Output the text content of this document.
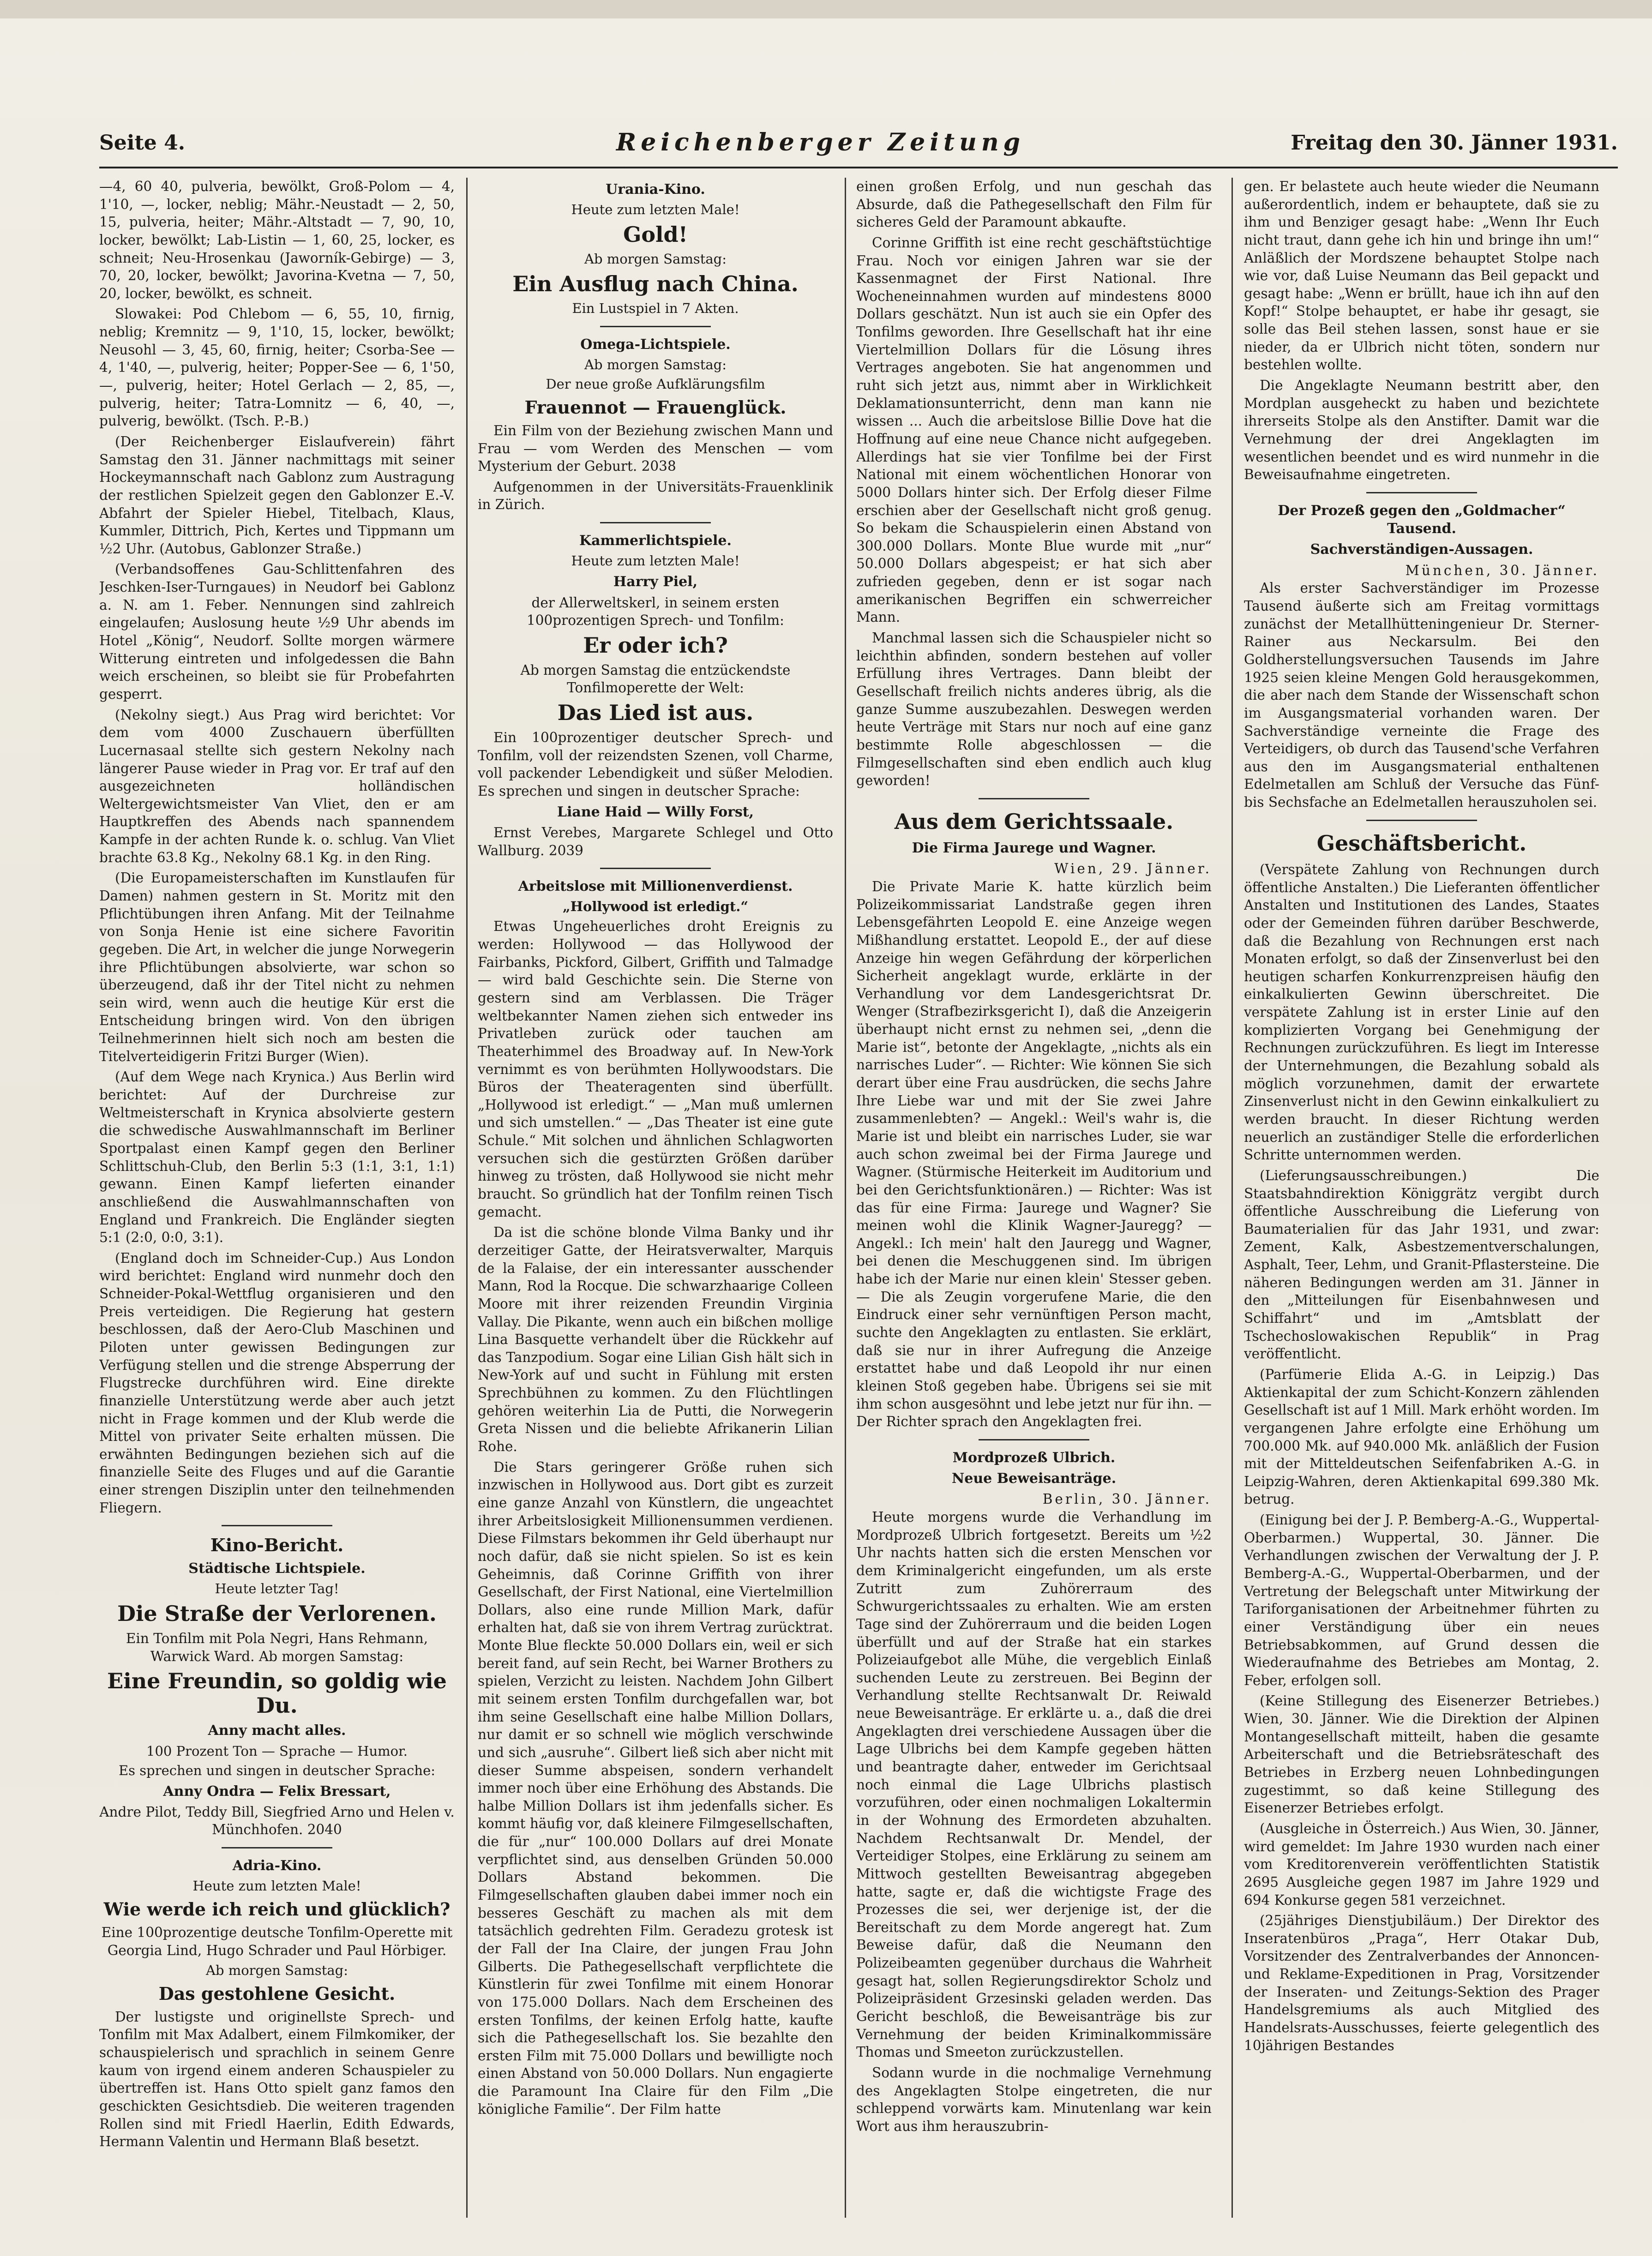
Seite 4.	Reichenberger Zeitung	Freitag den 30. Jänner 1931.

—4, 60 40, pulveria, bewölkt, Groß-Polom — 4, 1'10, —, locker, neblig; Mähr.-Neustadt — 2, 50, 15, pulveria, heiter; Mähr.-Altstadt — 7, 90, 10, locker, bewölkt; Lab-Listin — 1, 60, 25, locker, es schneit; Neu-Hrosenkau (Jaworník-Gebirge) — 3, 70, 20, locker, bewölkt; Javorina-Kvetna — 7, 50, 20, locker, bewölkt, es schneit.

Slowakei: Pod Chlebom — 6, 55, 10, firnig, neblig; Kremnitz — 9, 1'10, 15, locker, bewölkt; Neusohl — 3, 45, 60, firnig, heiter; Csorba-See — 4, 1'40, —, pulverig, heiter; Popper-See — 6, 1'50, —, pulverig, heiter; Hotel Gerlach — 2, 85, —, pulverig, heiter; Tatra-Lomnitz — 6, 40, —, pulverig, bewölkt. (Tsch. P.-B.)

(Der Reichenberger Eislaufverein) fährt Samstag den 31. Jänner nachmittags mit seiner Hockeymannschaft nach Gablonz zum Austragung der restlichen Spielzeit gegen den Gablonzer E.-V. Abfahrt der Spieler Hiebel, Titelbach, Klaus, Kummler, Dittrich, Pich, Kertes und Tippmann um ½2 Uhr. (Autobus, Gablonzer Straße.)

(Verbandsoffenes Gau-Schlittenfahren des Jeschken-Iser-Turngaues) in Neudorf bei Gablonz a. N. am 1. Feber. Nennungen sind zahlreich eingelaufen; Auslosung heute ½9 Uhr abends im Hotel „König“, Neudorf. Sollte morgen wärmere Witterung eintreten und infolgedessen die Bahn weich erscheinen, so bleibt sie für Probefahrten gesperrt.

(Nekolny siegt.) Aus Prag wird berichtet: Vor dem vom 4000 Zuschauern überfüllten Lucernasaal stellte sich gestern Nekolny nach längerer Pause wieder in Prag vor. Er traf auf den ausgezeichneten holländischen Weltergewichtsmeister Van Vliet, den er am Hauptkreffen des Abends nach spannendem Kampfe in der achten Runde k. o. schlug. Van Vliet brachte 63.8 Kg., Nekolny 68.1 Kg. in den Ring.

(Die Europameisterschaften im Kunstlaufen für Damen) nahmen gestern in St. Moritz mit den Pflichtübungen ihren Anfang. Mit der Teilnahme von Sonja Henie ist eine sichere Favoritin gegeben. Die Art, in welcher die junge Norwegerin ihre Pflichtübungen absolvierte, war schon so überzeugend, daß ihr der Titel nicht zu nehmen sein wird, wenn auch die heutige Kür erst die Entscheidung bringen wird. Von den übrigen Teilnehmerinnen hielt sich noch am besten die Titelverteidigerin Fritzi Burger (Wien).

(Auf dem Wege nach Krynica.) Aus Berlin wird berichtet: Auf der Durchreise zur Weltmeisterschaft in Krynica absolvierte gestern die schwedische Auswahlmannschaft im Berliner Sportpalast einen Kampf gegen den Berliner Schlittschuh-Club, den Berlin 5:3 (1:1, 3:1, 1:1) gewann. Einen Kampf lieferten einander anschließend die Auswahlmannschaften von England und Frankreich. Die Engländer siegten 5:1 (2:0, 0:0, 3:1).

(England doch im Schneider-Cup.) Aus London wird berichtet: England wird nunmehr doch den Schneider-Pokal-Wettflug organisieren und den Preis verteidigen. Die Regierung hat gestern beschlossen, daß der Aero-Club Maschinen und Piloten unter gewissen Bedingungen zur Verfügung stellen und die strenge Absperrung der Flugstrecke durchführen wird. Eine direkte finanzielle Unterstützung werde aber auch jetzt nicht in Frage kommen und der Klub werde die Mittel von privater Seite erhalten müssen. Die erwähnten Bedingungen beziehen sich auf die finanzielle Seite des Fluges und auf die Garantie einer strengen Disziplin unter den teilnehmenden Fliegern.

Kino-Bericht.
Städtische Lichtspiele.
Heute letzter Tag!
Die Straße der Verlorenen.

Ein Tonfilm mit Pola Negri, Hans Rehmann, Warwick Ward. Ab morgen Samstag:

Eine Freundin, so goldig wie Du.
Anny macht alles.
100 Prozent Ton — Sprache — Humor.
Es sprechen und singen in deutscher Sprache:
Anny Ondra — Felix Bressart,

Andre Pilot, Teddy Bill, Siegfried Arno und Helen v. Münchhofen. 2040

Adria-Kino.
Heute zum letzten Male!
Wie werde ich reich und glücklich?

Eine 100prozentige deutsche Tonfilm-Operette mit Georgia Lind, Hugo Schrader und Paul Hörbiger.

Ab morgen Samstag:
Das gestohlene Gesicht.

Der lustigste und originellste Sprech- und Tonfilm mit Max Adalbert, einem Filmkomiker, der schauspielerisch und sprachlich in seinem Genre kaum von irgend einem anderen Schauspieler zu übertreffen ist. Hans Otto spielt ganz famos den geschickten Gesichtsdieb. Die weiteren tragenden Rollen sind mit Friedl Haerlin, Edith Edwards, Hermann Valentin und Hermann Blaß besetzt.

Urania-Kino.
Heute zum letzten Male!
Gold!
Ab morgen Samstag:
Ein Ausflug nach China.
Ein Lustspiel in 7 Akten.
Omega-Lichtspiele.
Ab morgen Samstag:
Der neue große Aufklärungsfilm
Frauennot — Frauenglück.

Ein Film von der Beziehung zwischen Mann und Frau — vom Werden des Menschen — vom Mysterium der Geburt. 2038

Aufgenommen in der Universitäts-Frauenklinik in Zürich.

Kammerlichtspiele.
Heute zum letzten Male!
Harry Piel,

der Allerweltskerl, in seinem ersten 100prozentigen Sprech- und Tonfilm:

Er oder ich?

Ab morgen Samstag die entzückendste Tonfilmoperette der Welt:

Das Lied ist aus.

Ein 100prozentiger deutscher Sprech- und Tonfilm, voll der reizendsten Szenen, voll Charme, voll packender Lebendigkeit und süßer Melodien. Es sprechen und singen in deutscher Sprache:

Liane Haid — Willy Forst,

Ernst Verebes, Margarete Schlegel und Otto Wallburg. 2039

Arbeitslose mit Millionenverdienst.
„Hollywood ist erledigt.“

Etwas Ungeheuerliches droht Ereignis zu werden: Hollywood — das Hollywood der Fairbanks, Pickford, Gilbert, Griffith und Talmadge — wird bald Geschichte sein. Die Sterne von gestern sind am Verblassen. Die Träger weltbekannter Namen ziehen sich entweder ins Privatleben zurück oder tauchen am Theaterhimmel des Broadway auf. In New-York vernimmt es von berühmten Hollywoodstars. Die Büros der Theateragenten sind überfüllt. „Hollywood ist erledigt.“ — „Man muß umlernen und sich umstellen.“ — „Das Theater ist eine gute Schule.“ Mit solchen und ähnlichen Schlagworten versuchen sich die gestürzten Größen darüber hinweg zu trösten, daß Hollywood sie nicht mehr braucht. So gründlich hat der Tonfilm reinen Tisch gemacht.

Da ist die schöne blonde Vilma Banky und ihr derzeitiger Gatte, der Heiratsverwalter, Marquis de la Falaise, der ein interessanter ausschender Mann, Rod la Rocque. Die schwarzhaarige Colleen Moore mit ihrer reizenden Freundin Virginia Vallay. Die Pikante, wenn auch ein bißchen mollige Lina Basquette verhandelt über die Rückkehr auf das Tanzpodium. Sogar eine Lilian Gish hält sich in New-York auf und sucht in Fühlung mit ersten Sprechbühnen zu kommen. Zu den Flüchtlingen gehören weiterhin Lia de Putti, die Norwegerin Greta Nissen und die beliebte Afrikanerin Lilian Rohe.

Die Stars geringerer Größe ruhen sich inzwischen in Hollywood aus. Dort gibt es zurzeit eine ganze Anzahl von Künstlern, die ungeachtet ihrer Arbeitslosigkeit Millionensummen verdienen. Diese Filmstars bekommen ihr Geld überhaupt nur noch dafür, daß sie nicht spielen. So ist es kein Geheimnis, daß Corinne Griffith von ihrer Gesellschaft, der First National, eine Viertelmillion Dollars, also eine runde Million Mark, dafür erhalten hat, daß sie von ihrem Vertrag zurücktrat. Monte Blue fleckte 50.000 Dollars ein, weil er sich bereit fand, auf sein Recht, bei Warner Brothers zu spielen, Verzicht zu leisten. Nachdem John Gilbert mit seinem ersten Tonfilm durchgefallen war, bot ihm seine Gesellschaft eine halbe Million Dollars, nur damit er so schnell wie möglich verschwinde und sich „ausruhe“. Gilbert ließ sich aber nicht mit dieser Summe abspeisen, sondern verhandelt immer noch über eine Erhöhung des Abstands. Die halbe Million Dollars ist ihm jedenfalls sicher. Es kommt häufig vor, daß kleinere Filmgesellschaften, die für „nur“ 100.000 Dollars auf drei Monate verpflichtet sind, aus denselben Gründen 50.000 Dollars Abstand bekommen. Die Filmgesellschaften glauben dabei immer noch ein besseres Geschäft zu machen als mit dem tatsächlich gedrehten Film. Geradezu grotesk ist der Fall der Ina Claire, der jungen Frau John Gilberts. Die Pathegesellschaft verpflichtete die Künstlerin für zwei Tonfilme mit einem Honorar von 175.000 Dollars. Nach dem Erscheinen des ersten Tonfilms, der keinen Erfolg hatte, kaufte sich die Pathegesellschaft los. Sie bezahlte den ersten Film mit 75.000 Dollars und bewilligte noch einen Abstand von 50.000 Dollars. Nun engagierte die Paramount Ina Claire für den Film „Die königliche Familie“. Der Film hatte

einen großen Erfolg, und nun geschah das Absurde, daß die Pathegesellschaft den Film für sicheres Geld der Paramount abkaufte.

Corinne Griffith ist eine recht geschäftstüchtige Frau. Noch vor einigen Jahren war sie der Kassenmagnet der First National. Ihre Wocheneinnahmen wurden auf mindestens 8000 Dollars geschätzt. Nun ist auch sie ein Opfer des Tonfilms geworden. Ihre Gesellschaft hat ihr eine Viertelmillion Dollars für die Lösung ihres Vertrages angeboten. Sie hat angenommen und ruht sich jetzt aus, nimmt aber in Wirklichkeit Deklamationsunterricht, denn man kann nie wissen ... Auch die arbeitslose Billie Dove hat die Hoffnung auf eine neue Chance nicht aufgegeben. Allerdings hat sie vier Tonfilme bei der First National mit einem wöchentlichen Honorar von 5000 Dollars hinter sich. Der Erfolg dieser Filme erschien aber der Gesellschaft nicht groß genug. So bekam die Schauspielerin einen Abstand von 300.000 Dollars. Monte Blue wurde mit „nur“ 50.000 Dollars abgespeist; er hat sich aber zufrieden gegeben, denn er ist sogar nach amerikanischen Begriffen ein schwerreicher Mann.

Manchmal lassen sich die Schauspieler nicht so leichthin abfinden, sondern bestehen auf voller Erfüllung ihres Vertrages. Dann bleibt der Gesellschaft freilich nichts anderes übrig, als die ganze Summe auszubezahlen. Deswegen werden heute Verträge mit Stars nur noch auf eine ganz bestimmte Rolle abgeschlossen — die Filmgesellschaften sind eben endlich auch klug geworden!

Aus dem Gerichtssaale.
Die Firma Jaurege und Wagner.
Wien, 29. Jänner.

Die Private Marie K. hatte kürzlich beim Polizeikommissariat Landstraße gegen ihren Lebensgefährten Leopold E. eine Anzeige wegen Mißhandlung erstattet. Leopold E., der auf diese Anzeige hin wegen Gefährdung der körperlichen Sicherheit angeklagt wurde, erklärte in der Verhandlung vor dem Landesgerichtsrat Dr. Wenger (Strafbezirksgericht I), daß die Anzeigerin überhaupt nicht ernst zu nehmen sei, „denn die Marie ist“, betonte der Angeklagte, „nichts als ein narrisches Luder“. — Richter: Wie können Sie sich derart über eine Frau ausdrücken, die sechs Jahre Ihre Liebe war und mit der Sie zwei Jahre zusammenlebten? — Angekl.: Weil's wahr is, die Marie ist und bleibt ein narrisches Luder, sie war auch schon zweimal bei der Firma Jaurege und Wagner. (Stürmische Heiterkeit im Auditorium und bei den Gerichtsfunktionären.) — Richter: Was ist das für eine Firma: Jaurege und Wagner? Sie meinen wohl die Klinik Wagner-Jauregg? — Angekl.: Ich mein' halt den Jauregg und Wagner, bei denen die Meschuggenen sind. Im übrigen habe ich der Marie nur einen klein' Stesser geben. — Die als Zeugin vorgerufene Marie, die den Eindruck einer sehr vernünftigen Person macht, suchte den Angeklagten zu entlasten. Sie erklärt, daß sie nur in ihrer Aufregung die Anzeige erstattet habe und daß Leopold ihr nur einen kleinen Stoß gegeben habe. Übrigens sei sie mit ihm schon ausgesöhnt und lebe jetzt nur für ihn. — Der Richter sprach den Angeklagten frei.

Mordprozeß Ulbrich.
Neue Beweisanträge.
Berlin, 30. Jänner.

Heute morgens wurde die Verhandlung im Mordprozeß Ulbrich fortgesetzt. Bereits um ½2 Uhr nachts hatten sich die ersten Menschen vor dem Kriminalgericht eingefunden, um als erste Zutritt zum Zuhörerraum des Schwurgerichtssaales zu erhalten. Wie am ersten Tage sind der Zuhörerraum und die beiden Logen überfüllt und auf der Straße hat ein starkes Polizeiaufgebot alle Mühe, die vergeblich Einlaß suchenden Leute zu zerstreuen. Bei Beginn der Verhandlung stellte Rechtsanwalt Dr. Reiwald neue Beweisanträge. Er erklärte u. a., daß die drei Angeklagten drei verschiedene Aussagen über die Lage Ulbrichs bei dem Kampfe gegeben hätten und beantragte daher, entweder im Gerichtsaal noch einmal die Lage Ulbrichs plastisch vorzuführen, oder einen nochmaligen Lokaltermin in der Wohnung des Ermordeten abzuhalten. Nachdem Rechtsanwalt Dr. Mendel, der Verteidiger Stolpes, eine Erklärung zu seinem am Mittwoch gestellten Beweisantrag abgegeben hatte, sagte er, daß die wichtigste Frage des Prozesses die sei, wer derjenige ist, der die Bereitschaft zu dem Morde angeregt hat. Zum Beweise dafür, daß die Neumann den Polizeibeamten gegenüber durchaus die Wahrheit gesagt hat, sollen Regierungsdirektor Scholz und Polizeipräsident Grzesinski geladen werden. Das Gericht beschloß, die Beweisanträge bis zur Vernehmung der beiden Kriminalkommissäre Thomas und Smeeton zurückzustellen.

Sodann wurde in die nochmalige Vernehmung des Angeklagten Stolpe eingetreten, die nur schleppend vorwärts kam. Minutenlang war kein Wort aus ihm herauszubrin-

gen. Er belastete auch heute wieder die Neumann außerordentlich, indem er behauptete, daß sie zu ihm und Benziger gesagt habe: „Wenn Ihr Euch nicht traut, dann gehe ich hin und bringe ihn um!“ Anläßlich der Mordszene behauptet Stolpe nach wie vor, daß Luise Neumann das Beil gepackt und gesagt habe: „Wenn er brüllt, haue ich ihn auf den Kopf!“ Stolpe behauptet, er habe ihr gesagt, sie solle das Beil stehen lassen, sonst haue er sie nieder, da er Ulbrich nicht töten, sondern nur bestehlen wollte.

Die Angeklagte Neumann bestritt aber, den Mordplan ausgeheckt zu haben und bezichtete ihrerseits Stolpe als den Anstifter. Damit war die Vernehmung der drei Angeklagten im wesentlichen beendet und es wird nunmehr in die Beweisaufnahme eingetreten.

Der Prozeß gegen den „Goldmacher“ Tausend.
Sachverständigen-Aussagen.
München, 30. Jänner.

Als erster Sachverständiger im Prozesse Tausend äußerte sich am Freitag vormittags zunächst der Metallhütteningenieur Dr. Sterner-Rainer aus Neckarsulm. Bei den Goldherstellungsversuchen Tausends im Jahre 1925 seien kleine Mengen Gold herausgekommen, die aber nach dem Stande der Wissenschaft schon im Ausgangsmaterial vorhanden waren. Der Sachverständige verneinte die Frage des Verteidigers, ob durch das Tausend'sche Verfahren aus den im Ausgangsmaterial enthaltenen Edelmetallen am Schluß der Versuche das Fünf- bis Sechsfache an Edelmetallen herauszuholen sei.

Geschäftsbericht.

(Verspätete Zahlung von Rechnungen durch öffentliche Anstalten.) Die Lieferanten öffentlicher Anstalten und Institutionen des Landes, Staates oder der Gemeinden führen darüber Beschwerde, daß die Bezahlung von Rechnungen erst nach Monaten erfolgt, so daß der Zinsenverlust bei den heutigen scharfen Konkurrenzpreisen häufig den einkalkulierten Gewinn überschreitet. Die verspätete Zahlung ist in erster Linie auf den komplizierten Vorgang bei Genehmigung der Rechnungen zurückzuführen. Es liegt im Interesse der Unternehmungen, die Bezahlung sobald als möglich vorzunehmen, damit der erwartete Zinsenverlust nicht in den Gewinn einkalkuliert zu werden braucht. In dieser Richtung werden neuerlich an zuständiger Stelle die erforderlichen Schritte unternommen werden.

(Lieferungsausschreibungen.) Die Staatsbahndirektion Königgrätz vergibt durch öffentliche Ausschreibung die Lieferung von Baumaterialien für das Jahr 1931, und zwar: Zement, Kalk, Asbestzementverschalungen, Asphalt, Teer, Lehm, und Granit-Pflastersteine. Die näheren Bedingungen werden am 31. Jänner in den „Mitteilungen für Eisenbahnwesen und Schiffahrt“ und im „Amtsblatt der Tschechoslowakischen Republik“ in Prag veröffentlicht.

(Parfümerie Elida A.-G. in Leipzig.) Das Aktienkapital der zum Schicht-Konzern zählenden Gesellschaft ist auf 1 Mill. Mark erhöht worden. Im vergangenen Jahre erfolgte eine Erhöhung um 700.000 Mk. auf 940.000 Mk. anläßlich der Fusion mit der Mitteldeutschen Seifenfabriken A.-G. in Leipzig-Wahren, deren Aktienkapital 699.380 Mk. betrug.

(Einigung bei der J. P. Bemberg-A.-G., Wuppertal-Oberbarmen.) Wuppertal, 30. Jänner. Die Verhandlungen zwischen der Verwaltung der J. P. Bemberg-A.-G., Wuppertal-Oberbarmen, und der Vertretung der Belegschaft unter Mitwirkung der Tariforganisationen der Arbeitnehmer führten zu einer Verständigung über ein neues Betriebsabkommen, auf Grund dessen die Wiederaufnahme des Betriebes am Montag, 2. Feber, erfolgen soll.

(Keine Stillegung des Eisenerzer Betriebes.) Wien, 30. Jänner. Wie die Direktion der Alpinen Montangesellschaft mitteilt, haben die gesamte Arbeiterschaft und die Betriebsräteschaft des Betriebes in Erzberg neuen Lohnbedingungen zugestimmt, so daß keine Stillegung des Eisenerzer Betriebes erfolgt.

(Ausgleiche in Österreich.) Aus Wien, 30. Jänner, wird gemeldet: Im Jahre 1930 wurden nach einer vom Kreditorenverein veröffentlichten Statistik 2695 Ausgleiche gegen 1987 im Jahre 1929 und 694 Konkurse gegen 581 verzeichnet.

(25jähriges Dienstjubiläum.) Der Direktor des Inseratenbüros „Praga“, Herr Otakar Dub, Vorsitzender des Zentralverbandes der Annoncen- und Reklame-Expeditionen in Prag, Vorsitzender der Inseraten- und Zeitungs-Sektion des Prager Handelsgremiums als auch Mitglied des Handelsrats-Ausschusses, feierte gelegentlich des 10jährigen Bestandes
